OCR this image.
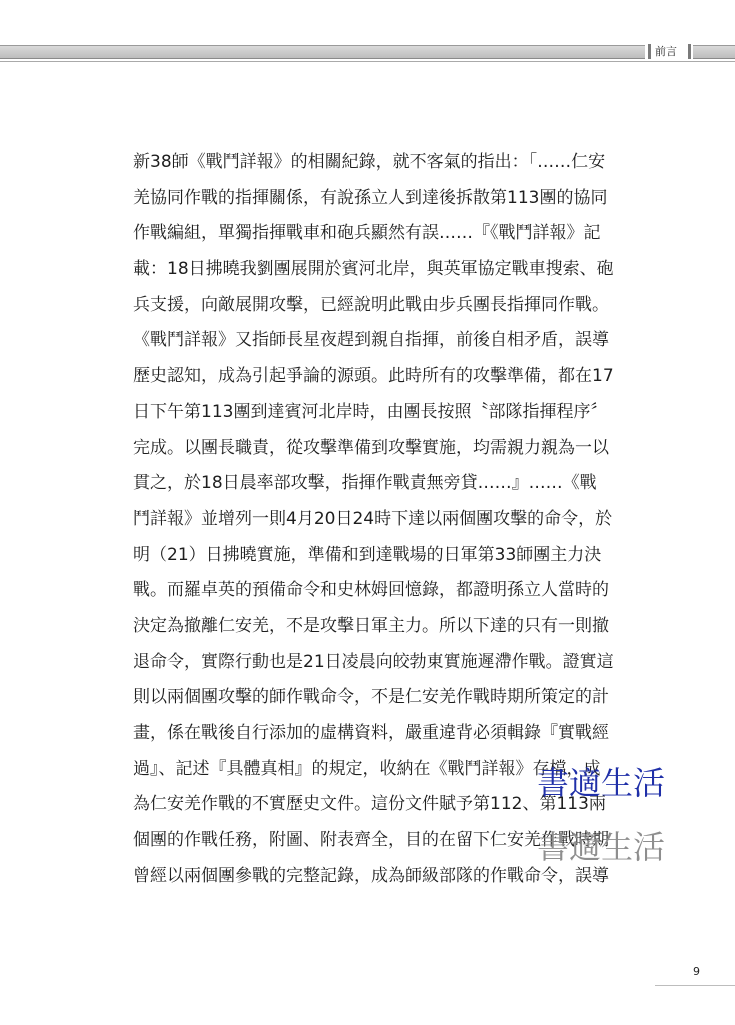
前言
新38師《戰鬥詳報》的相關紀錄，就不客氣的指出：「……仁安
羌協同作戰的指揮關係，有說孫立人到達後拆散第113團的協同
作戰編組，單獨指揮戰車和砲兵顯然有誤……『《戰鬥詳報》記
載：18日拂曉我劉團展開於賓河北岸，與英軍協定戰車搜索、砲
兵支援，向敵展開攻擊，已經說明此戰由步兵團長指揮同作戰。
《戰鬥詳報》又指師長星夜趕到親自指揮，前後自相矛盾，誤導
歷史認知，成為引起爭論的源頭。此時所有的攻擊準備，都在17
日下午第113團到達賓河北岸時，由團長按照〝部隊指揮程序〞
完成。以團長職責，從攻擊準備到攻擊實施，均需親力親為一以
貫之，於18日晨率部攻擊，指揮作戰責無旁貸……』……《戰
鬥詳報》並增列一則4月20日24時下達以兩個團攻擊的命令，於
明（21）日拂曉實施，準備和到達戰場的日軍第33師團主力決
戰。而羅卓英的預備命令和史林姆回憶錄，都證明孫立人當時的
決定為撤離仁安羌，不是攻擊日軍主力。所以下達的只有一則撤
退命令，實際行動也是21日凌晨向皎勃東實施遲滯作戰。證實這
則以兩個團攻擊的師作戰命令，不是仁安羌作戰時期所策定的計
畫，係在戰後自行添加的虛構資料，嚴重違背必須輯錄『實戰經
過』、記述『具體真相』的規定，收納在《戰鬥詳報》存檔，成
為仁安羌作戰的不實歷史文件。這份文件賦予第112、第113兩
個團的作戰任務，附圖、附表齊全，目的在留下仁安羌作戰時期
曾經以兩個團參戰的完整記錄，成為師級部隊的作戰命令，誤導
書適生活
書適生活
9
